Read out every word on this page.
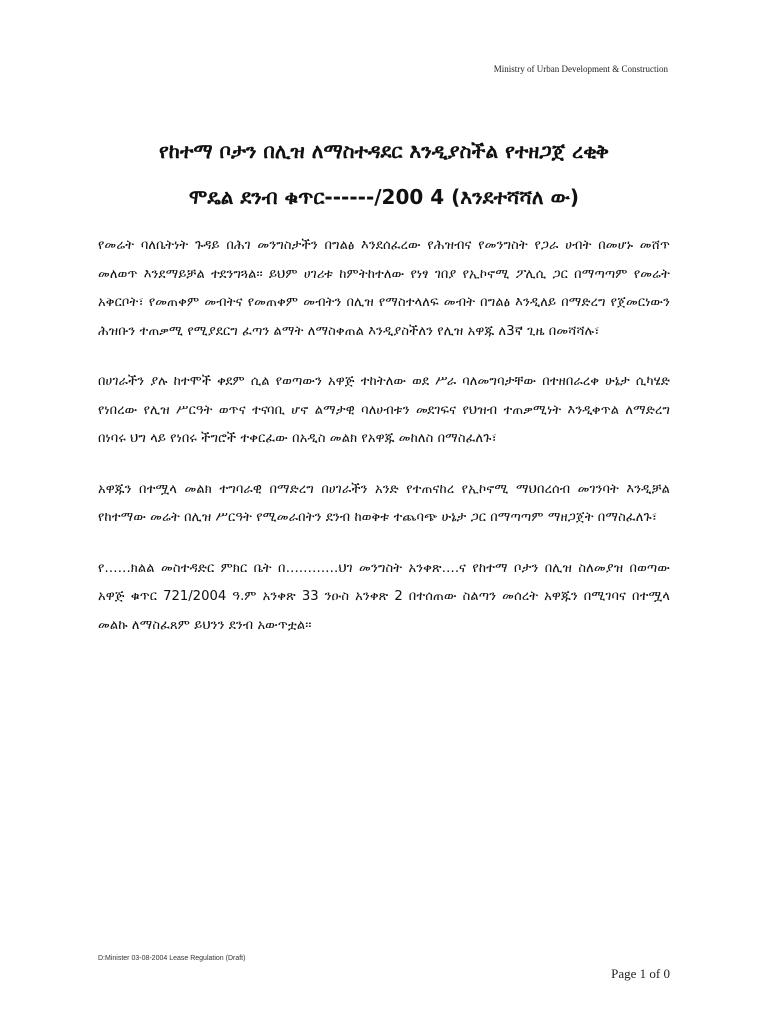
Ministry of Urban Development & Construction
የከተማ ቦታን በሊዝ ለማስተዳደር እንዲያስችል የተዘጋጀ ረቂቅ
ሞዴል ደንብ ቁጥር------/200 4 (እንደተሻሻለ ው)

የመሬት ባለቤትነት ጉዳይ በሕገ መንግስታችን በግልፅ እንደሰፈረው የሕዝብና የመንግስት የጋራ ሀብት በመሆኑ መሸጥ መለወጥ እንደማይቻል ተደንግጓል፡፡ ይህም ሀገሪቱ ከምትከተለው የነፃ ገበያ የኢኮኖሚ ፖሊሲ ጋር በማጣጣም የመሬት አቅርቦት፣ የመጠቀም መብትና የመጠቀም መብትን በሊዝ የማስተላለፍ መብት በግልፅ እንዲለይ በማድረግ የጀመርነውን ሕዝቡን ተጠቃሚ የሚያደርግ ፈጣን ልማት ለማስቀጠል እንዲያስችለን የሊዝ አዋጁ ለ3ኛ ጊዜ በመሻሻሉ፣

በሀገራችን ያሉ ከተሞች ቀደም ሲል የወጣውን አዋጅ ተከትለው ወደ ሥራ ባለመግባታቸው በተዘበራረቀ ሁኔታ ሲካሄድ የነበረው የሊዝ ሥርዓት ወጥና ተናባቢ ሆኖ ልማታዊ ባለሀብቱን መደገፍና የህዝብ ተጠቃሚነት እንዲቀጥል ለማድረግ በነባሩ ህግ ላይ የነበሩ ችግሮች ተቀርፈው በአዲስ መልክ የአዋጁ መከለስ በማስፈለጉ፣

አዋጁን በተሟላ መልክ ተግባራዊ በማድረግ በሀገራችን አንድ የተጠናከረ የኢኮኖሚ ማህበረሰብ መገንባት እንዲቻል የከተማው መሬት በሊዝ ሥርዓት የሚመራበትን ደንብ ከወቅቱ ተጨባጭ ሁኔታ ጋር በማጣጣም ማዘጋጀት በማስፈለጉ፣

የ……ክልል መስተዳድር ምክር ቤት በ…………ህገ መንግስት አንቀጽ….ና የከተማ ቦታን በሊዝ ስለመያዝ በወጣው አዋጅ ቁጥር 721/2004 ዓ.ም አንቀጽ 33 ንዑስ አንቀጽ 2 በተሰጠው ስልጣን መሰረት አዋጁን በሚገባና በተሟላ መልኩ ለማስፈጸም ይህንን ደንብ አውጥቷል፡፡

D:Minister 03-08-2004 Lease Regulation (Draft)
Page 1 of 0
